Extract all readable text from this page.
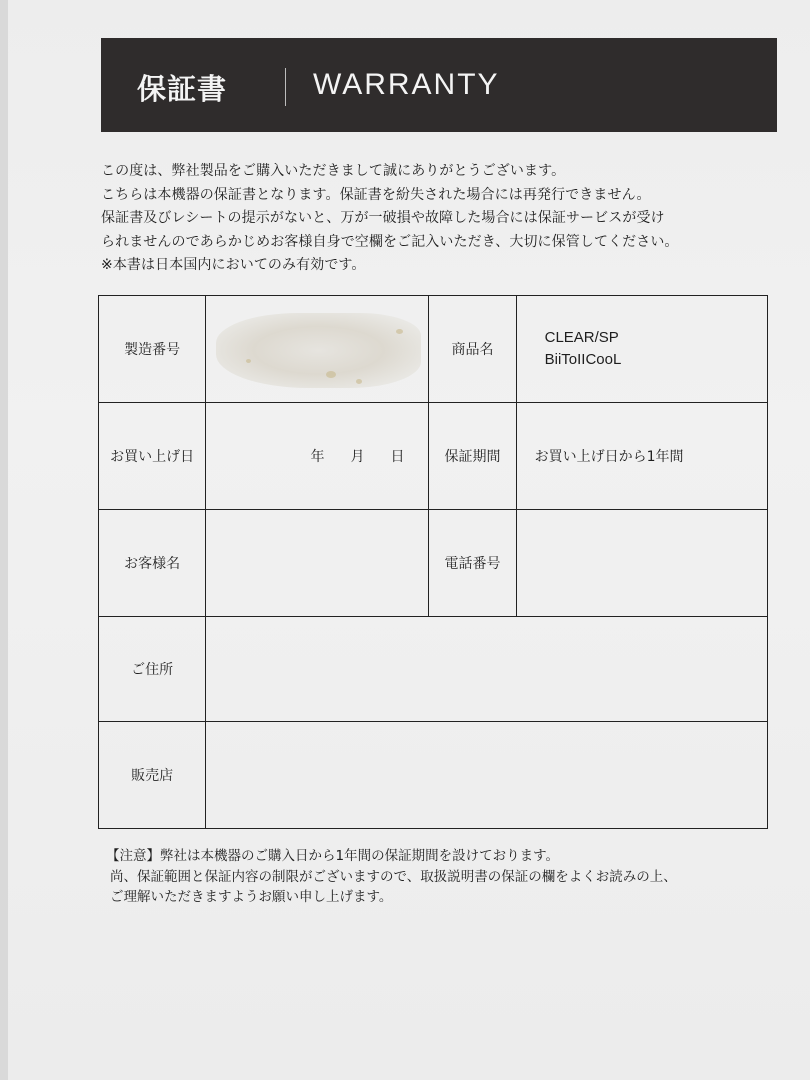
保証書	WARRANTY

この度は、弊社製品をご購入いただきまして誠にありがとうございます。

こちらは本機器の保証書となります。保証書を紛失された場合には再発行できません。

保証書及びレシートの提示がないと、万が一破損や故障した場合には保証サービスが受け

られませんのであらかじめお客様自身で空欄をご記入いただき、大切に保管してください。

※本書は日本国内においてのみ有効です。

製造番号		商品名	CLEAR/SP
BiiToIICooL

お買い上げ日	年 月 日	保証期間	お買い上げ日から1年間

お客様名		電話番号	
ご住所			
販売店			

【注意】弊社は本機器のご購入日から1年間の保証期間を設けております。

尚、保証範囲と保証内容の制限がございますので、取扱説明書の保証の欄をよくお読みの上、

ご理解いただきますようお願い申し上げます。
